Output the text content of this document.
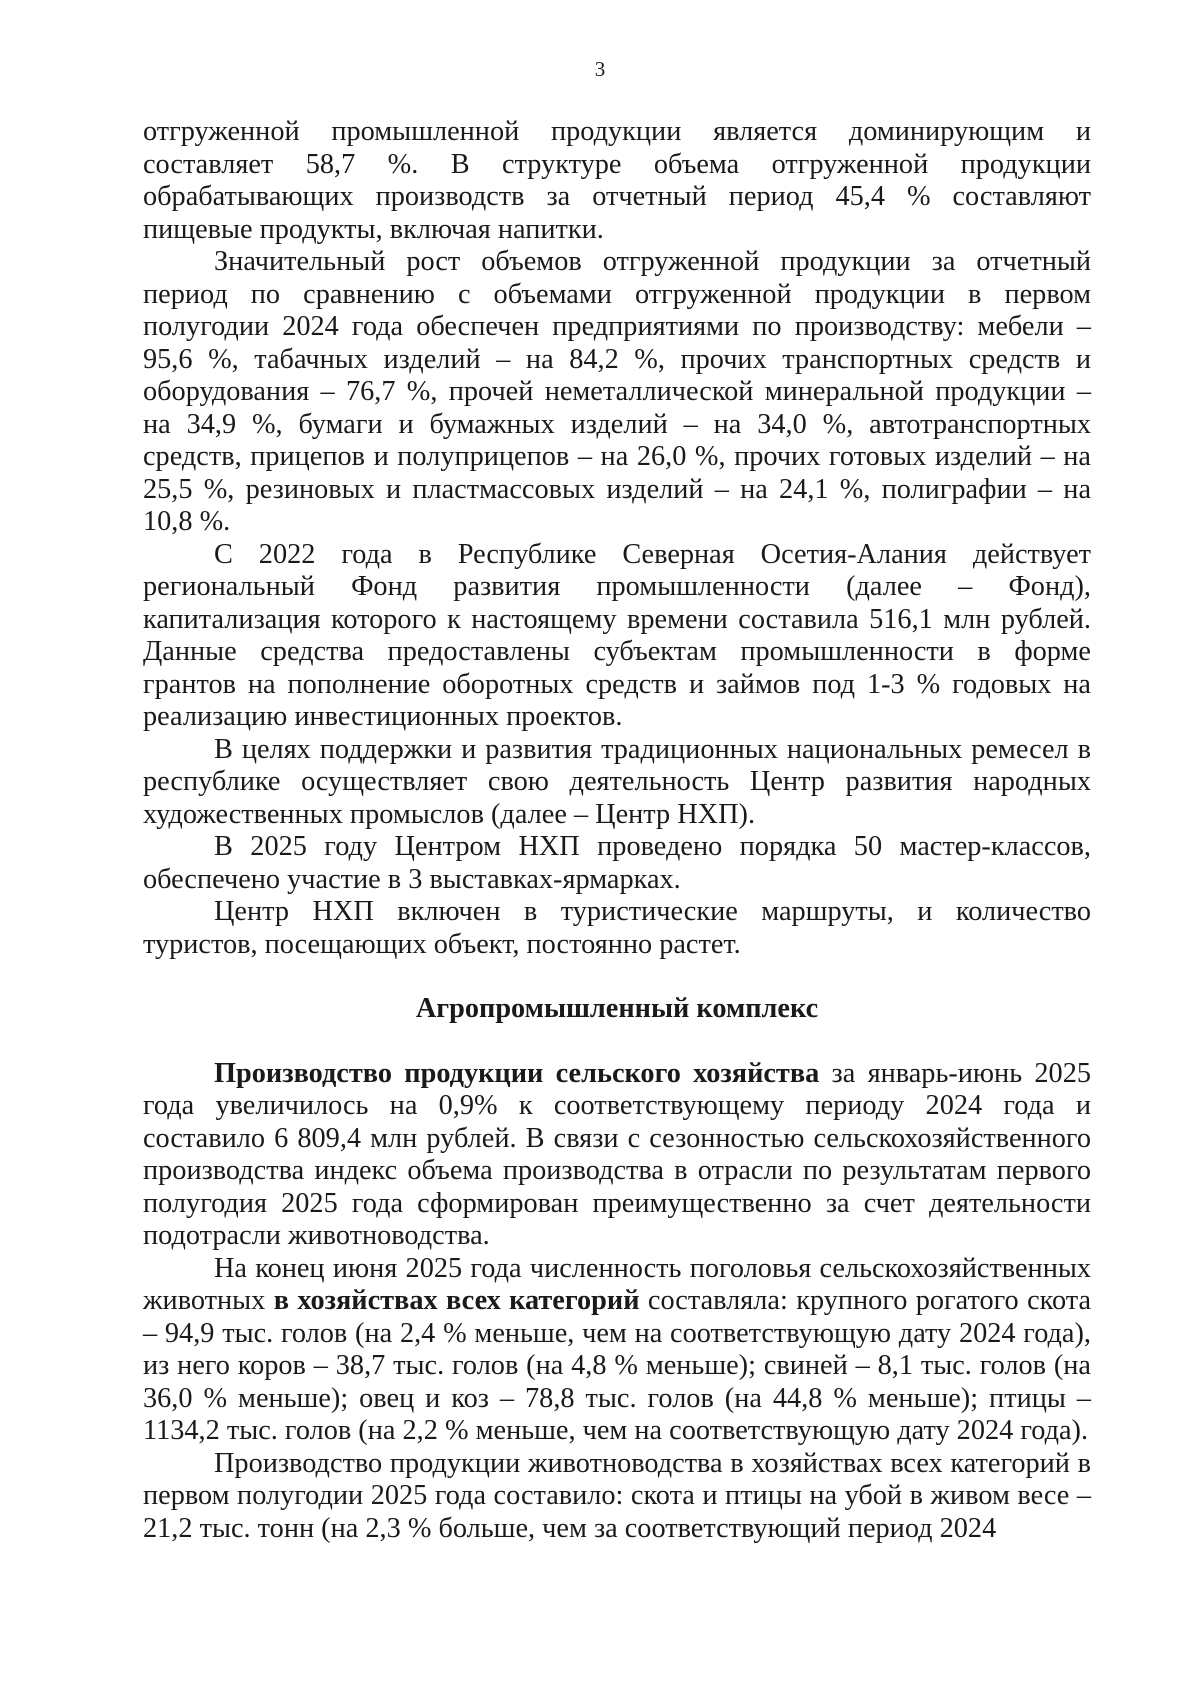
3

отгруженной промышленной продукции является доминирующим и составляет 58,7 %. В структуре объема отгруженной продукции обрабатывающих производств за отчетный период 45,4 % составляют пищевые продукты, включая напитки.

Значительный рост объемов отгруженной продукции за отчетный период по сравнению с объемами отгруженной продукции в первом полугодии 2024 года обеспечен предприятиями по производству: мебели – 95,6 %, табачных изделий – на 84,2 %, прочих транспортных средств и оборудования – 76,7 %, прочей неметаллической минеральной продукции – на 34,9 %, бумаги и бумажных изделий – на 34,0 %, автотранспортных средств, прицепов и полуприцепов – на 26,0 %, прочих готовых изделий – на 25,5 %, резиновых и пластмассовых изделий – на 24,1 %, полиграфии – на 10,8 %.

С 2022 года в Республике Северная Осетия-Алания действует региональный Фонд развития промышленности (далее – Фонд), капитализация которого к настоящему времени составила 516,1 млн рублей. Данные средства предоставлены субъектам промышленности в форме грантов на пополнение оборотных средств и займов под 1-3 % годовых на реализацию инвестиционных проектов.

В целях поддержки и развития традиционных национальных ремесел в республике осуществляет свою деятельность Центр развития народных художественных промыслов (далее – Центр НХП).

В 2025 году Центром НХП проведено порядка 50 мастер-классов, обеспечено участие в 3 выставках-ярмарках.

Центр НХП включен в туристические маршруты, и количество туристов, посещающих объект, постоянно растет.

Агропромышленный комплекс

Производство продукции сельского хозяйства за январь-июнь 2025 года увеличилось на 0,9% к соответствующему периоду 2024 года и составило 6 809,4 млн рублей. В связи с сезонностью сельскохозяйственного производства индекс объема производства в отрасли по результатам первого полугодия 2025 года сформирован преимущественно за счет деятельности подотрасли животноводства.

На конец июня 2025 года численность поголовья сельскохозяйственных животных в хозяйствах всех категорий составляла: крупного рогатого скота – 94,9 тыс. голов (на 2,4 % меньше, чем на соответствующую дату 2024 года), из него коров – 38,7 тыс. голов (на 4,8 % меньше); свиней – 8,1 тыс. голов (на 36,0 % меньше); овец и коз – 78,8 тыс. голов (на 44,8 % меньше); птицы – 1134,2 тыс. голов (на 2,2 % меньше, чем на соответствующую дату 2024 года).

Производство продукции животноводства в хозяйствах всех категорий в первом полугодии 2025 года составило: скота и птицы на убой в живом весе – 21,2 тыс. тонн (на 2,3 % больше, чем за соответствующий период 2024
